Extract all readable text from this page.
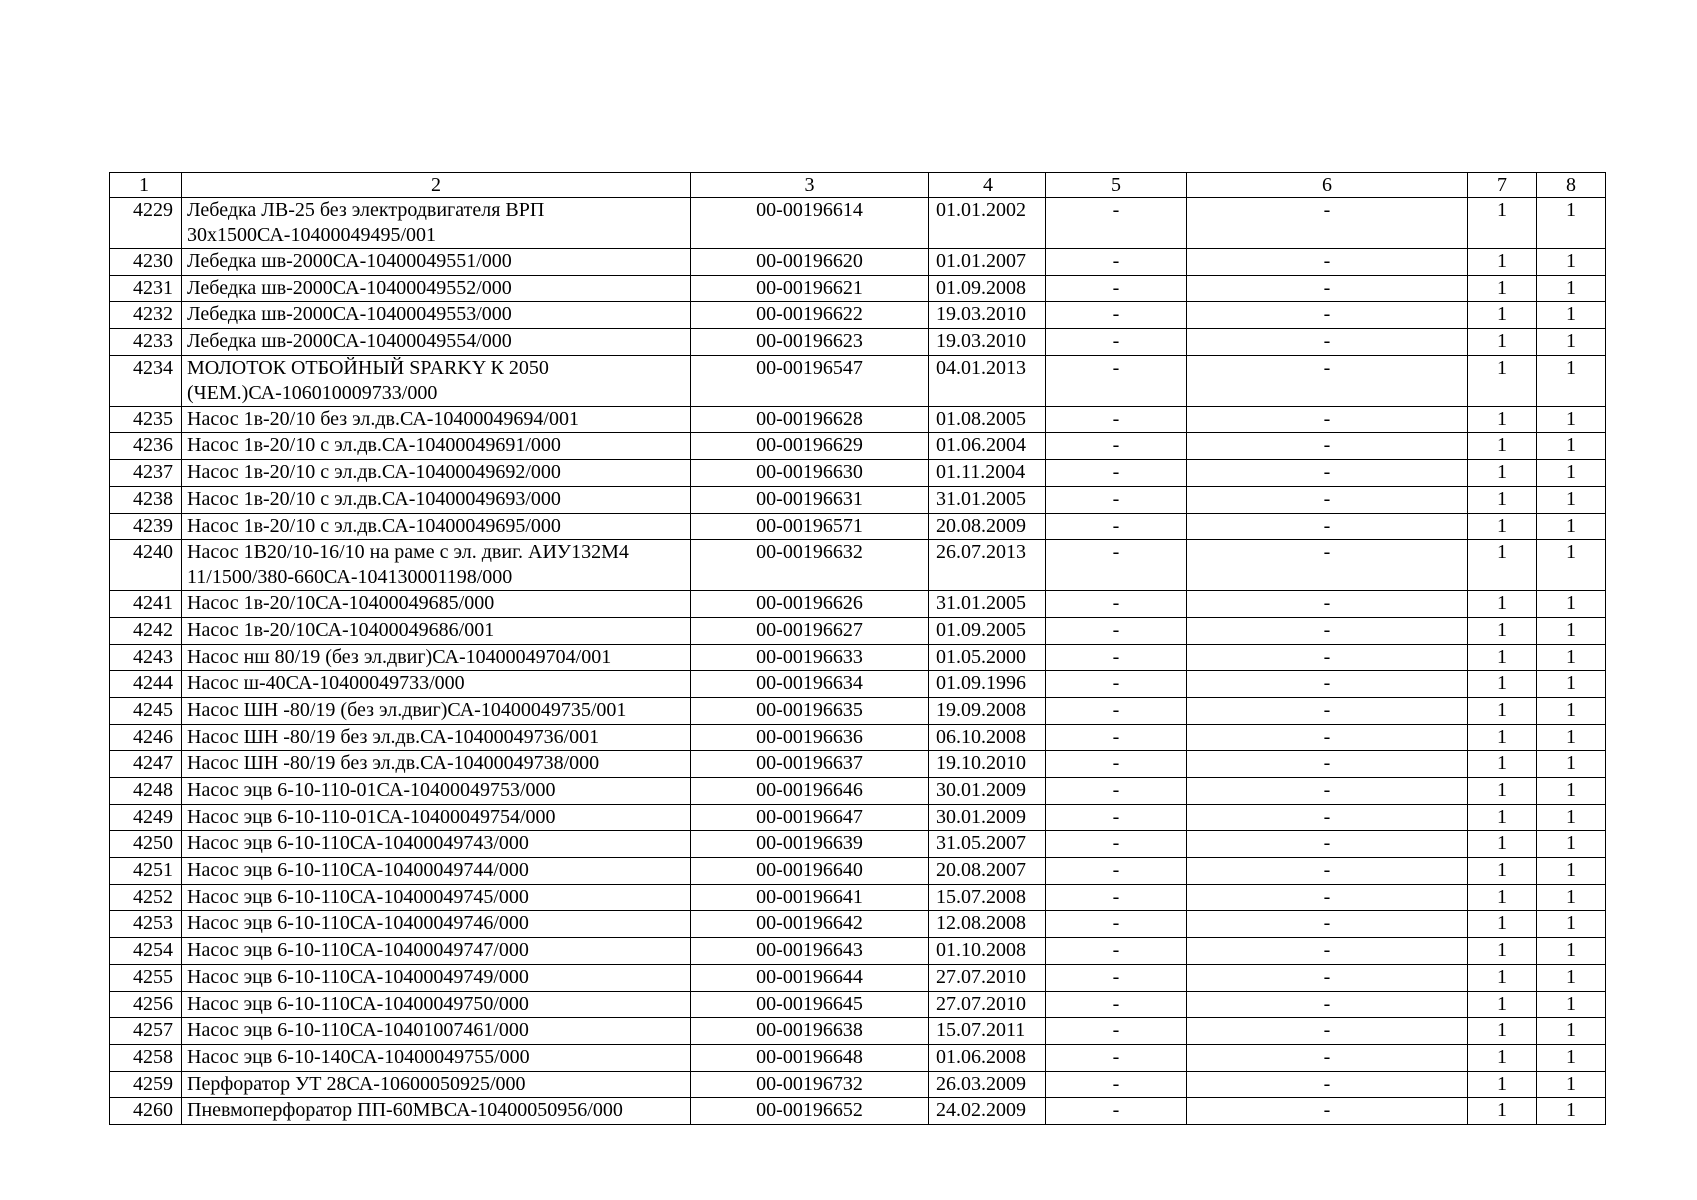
1	2	3	4	5	6	7	8
4229	Лебедка ЛВ-25 без электродвигателя ВРП 30х1500СА-10400049495/001	00-00196614	01.01.2002	-	-	1	1
4230	Лебедка шв-2000СА-10400049551/000	00-00196620	01.01.2007	-	-	1	1
4231	Лебедка шв-2000СА-10400049552/000	00-00196621	01.09.2008	-	-	1	1
4232	Лебедка шв-2000СА-10400049553/000	00-00196622	19.03.2010	-	-	1	1
4233	Лебедка шв-2000СА-10400049554/000	00-00196623	19.03.2010	-	-	1	1
4234	МОЛОТОК ОТБОЙНЫЙ SPARKY К 2050 (ЧЕМ.)СА-106010009733/000	00-00196547	04.01.2013	-	-	1	1
4235	Насос 1в-20/10 без эл.дв.СА-10400049694/001	00-00196628	01.08.2005	-	-	1	1
4236	Насос 1в-20/10 с эл.дв.СА-10400049691/000	00-00196629	01.06.2004	-	-	1	1
4237	Насос 1в-20/10 с эл.дв.СА-10400049692/000	00-00196630	01.11.2004	-	-	1	1
4238	Насос 1в-20/10 с эл.дв.СА-10400049693/000	00-00196631	31.01.2005	-	-	1	1
4239	Насос 1в-20/10 с эл.дв.СА-10400049695/000	00-00196571	20.08.2009	-	-	1	1
4240	Насос 1В20/10-16/10 на раме с эл. двиг. АИУ132М4 11/1500/380-660СА-104130001198/000	00-00196632	26.07.2013	-	-	1	1
4241	Насос 1в-20/10СА-10400049685/000	00-00196626	31.01.2005	-	-	1	1
4242	Насос 1в-20/10СА-10400049686/001	00-00196627	01.09.2005	-	-	1	1
4243	Насос нш 80/19 (без эл.двиг)СА-10400049704/001	00-00196633	01.05.2000	-	-	1	1
4244	Насос ш-40СА-10400049733/000	00-00196634	01.09.1996	-	-	1	1
4245	Насос ШН -80/19 (без эл.двиг)СА-10400049735/001	00-00196635	19.09.2008	-	-	1	1
4246	Насос ШН -80/19 без эл.дв.СА-10400049736/001	00-00196636	06.10.2008	-	-	1	1
4247	Насос ШН -80/19 без эл.дв.СА-10400049738/000	00-00196637	19.10.2010	-	-	1	1
4248	Насос эцв 6-10-110-01СА-10400049753/000	00-00196646	30.01.2009	-	-	1	1
4249	Насос эцв 6-10-110-01СА-10400049754/000	00-00196647	30.01.2009	-	-	1	1
4250	Насос эцв 6-10-110СА-10400049743/000	00-00196639	31.05.2007	-	-	1	1
4251	Насос эцв 6-10-110СА-10400049744/000	00-00196640	20.08.2007	-	-	1	1
4252	Насос эцв 6-10-110СА-10400049745/000	00-00196641	15.07.2008	-	-	1	1
4253	Насос эцв 6-10-110СА-10400049746/000	00-00196642	12.08.2008	-	-	1	1
4254	Насос эцв 6-10-110СА-10400049747/000	00-00196643	01.10.2008	-	-	1	1
4255	Насос эцв 6-10-110СА-10400049749/000	00-00196644	27.07.2010	-	-	1	1
4256	Насос эцв 6-10-110СА-10400049750/000	00-00196645	27.07.2010	-	-	1	1
4257	Насос эцв 6-10-110СА-10401007461/000	00-00196638	15.07.2011	-	-	1	1
4258	Насос эцв 6-10-140СА-10400049755/000	00-00196648	01.06.2008	-	-	1	1
4259	Перфоратор УТ 28СА-10600050925/000	00-00196732	26.03.2009	-	-	1	1
4260	Пневмоперфоратор ПП-60МВСА-10400050956/000	00-00196652	24.02.2009	-	-	1	1
